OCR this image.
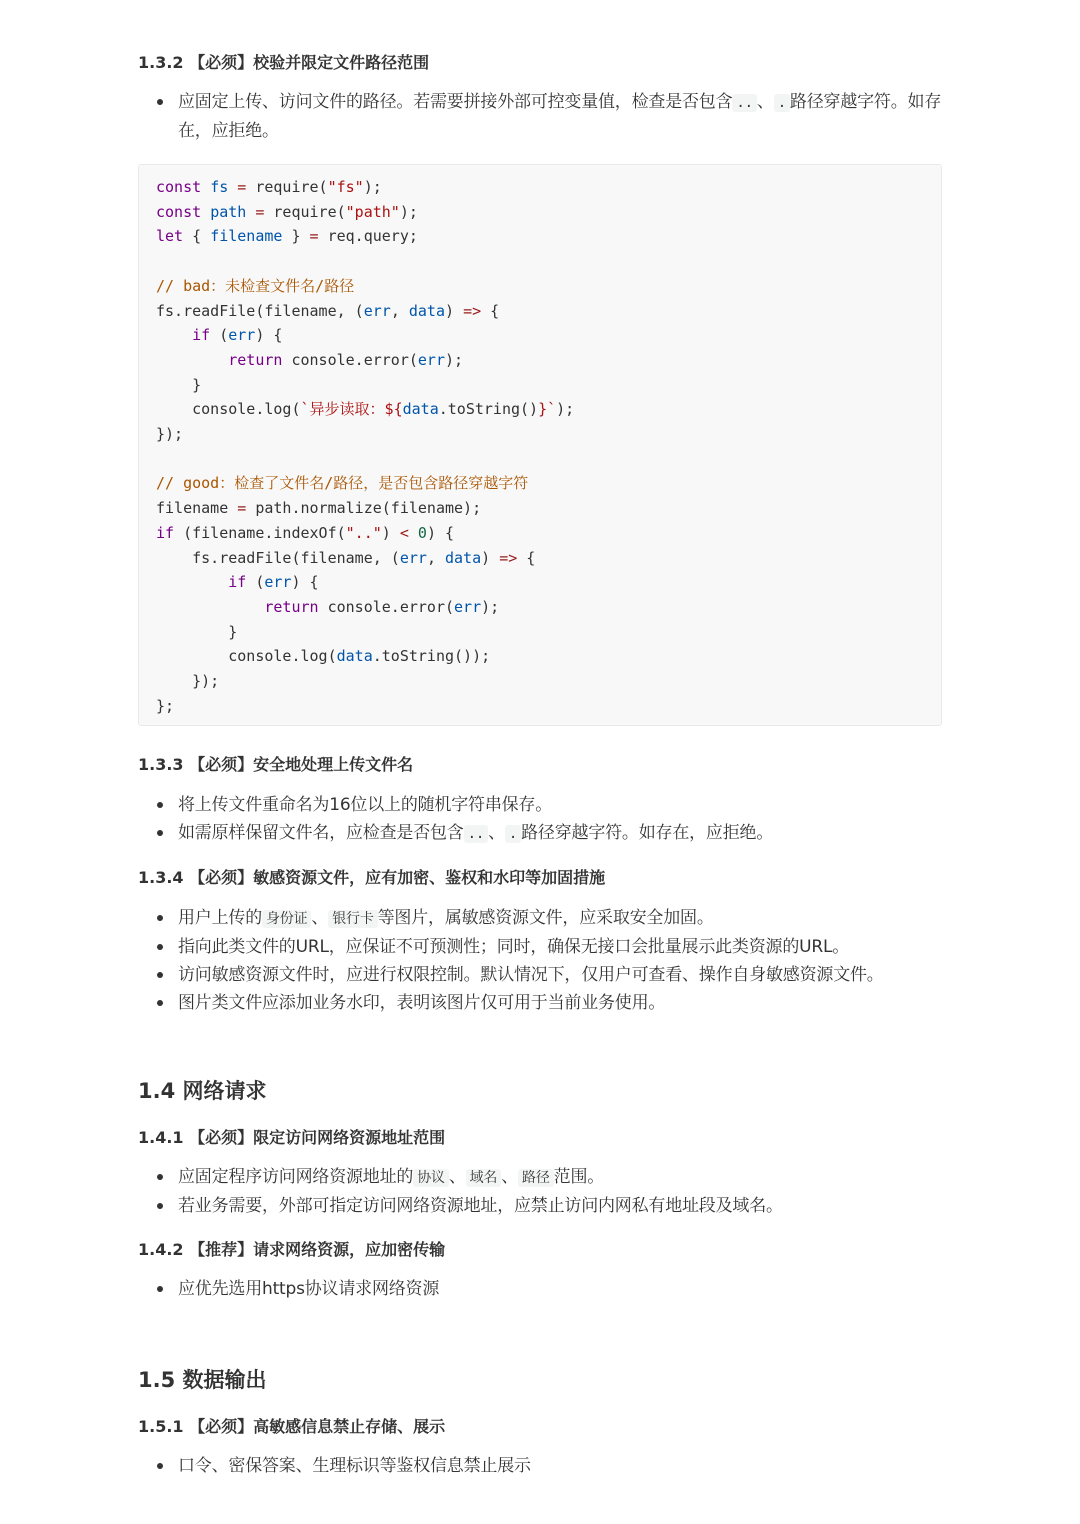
1.3.2 【必须】校验并限定文件路径范围
应固定上传、访问文件的路径。若需要拼接外部可控变量值，检查是否包含 .. 、 . 路径穿越字符。如存在，应拒绝。
const fs = require("fs");
const path = require("path");
let { filename } = req.query;

// bad：未检查文件名/路径
fs.readFile(filename, (err, data) => {
if (err) {
return console.error(err);
}
console.log(`异步读取：${data.toString()}`);
});

// good：检查了文件名/路径，是否包含路径穿越字符
filename = path.normalize(filename);
if (filename.indexOf("..") < 0) {
fs.readFile(filename, (err, data) => {
if (err) {
return console.error(err);
}
console.log(data.toString());
});
};
1.3.3 【必须】安全地处理上传文件名
将上传文件重命名为16位以上的随机字符串保存。
如需原样保留文件名，应检查是否包含 .. 、 . 路径穿越字符。如存在，应拒绝。
1.3.4 【必须】敏感资源文件，应有加密、鉴权和水印等加固措施
用户上传的 身份证 、 银行卡 等图片，属敏感资源文件，应采取安全加固。
指向此类文件的URL，应保证不可预测性；同时，确保无接口会批量展示此类资源的URL。
访问敏感资源文件时，应进行权限控制。默认情况下，仅用户可查看、操作自身敏感资源文件。
图片类文件应添加业务水印，表明该图片仅可用于当前业务使用。
1.4 网络请求
1.4.1 【必须】限定访问网络资源地址范围
应固定程序访问网络资源地址的 协议 、 域名 、 路径 范围。
若业务需要，外部可指定访问网络资源地址，应禁止访问内网私有地址段及域名。
1.4.2 【推荐】请求网络资源，应加密传输
应优先选用https协议请求网络资源
1.5 数据输出
1.5.1 【必须】高敏感信息禁止存储、展示
口令、密保答案、生理标识等鉴权信息禁止展示
